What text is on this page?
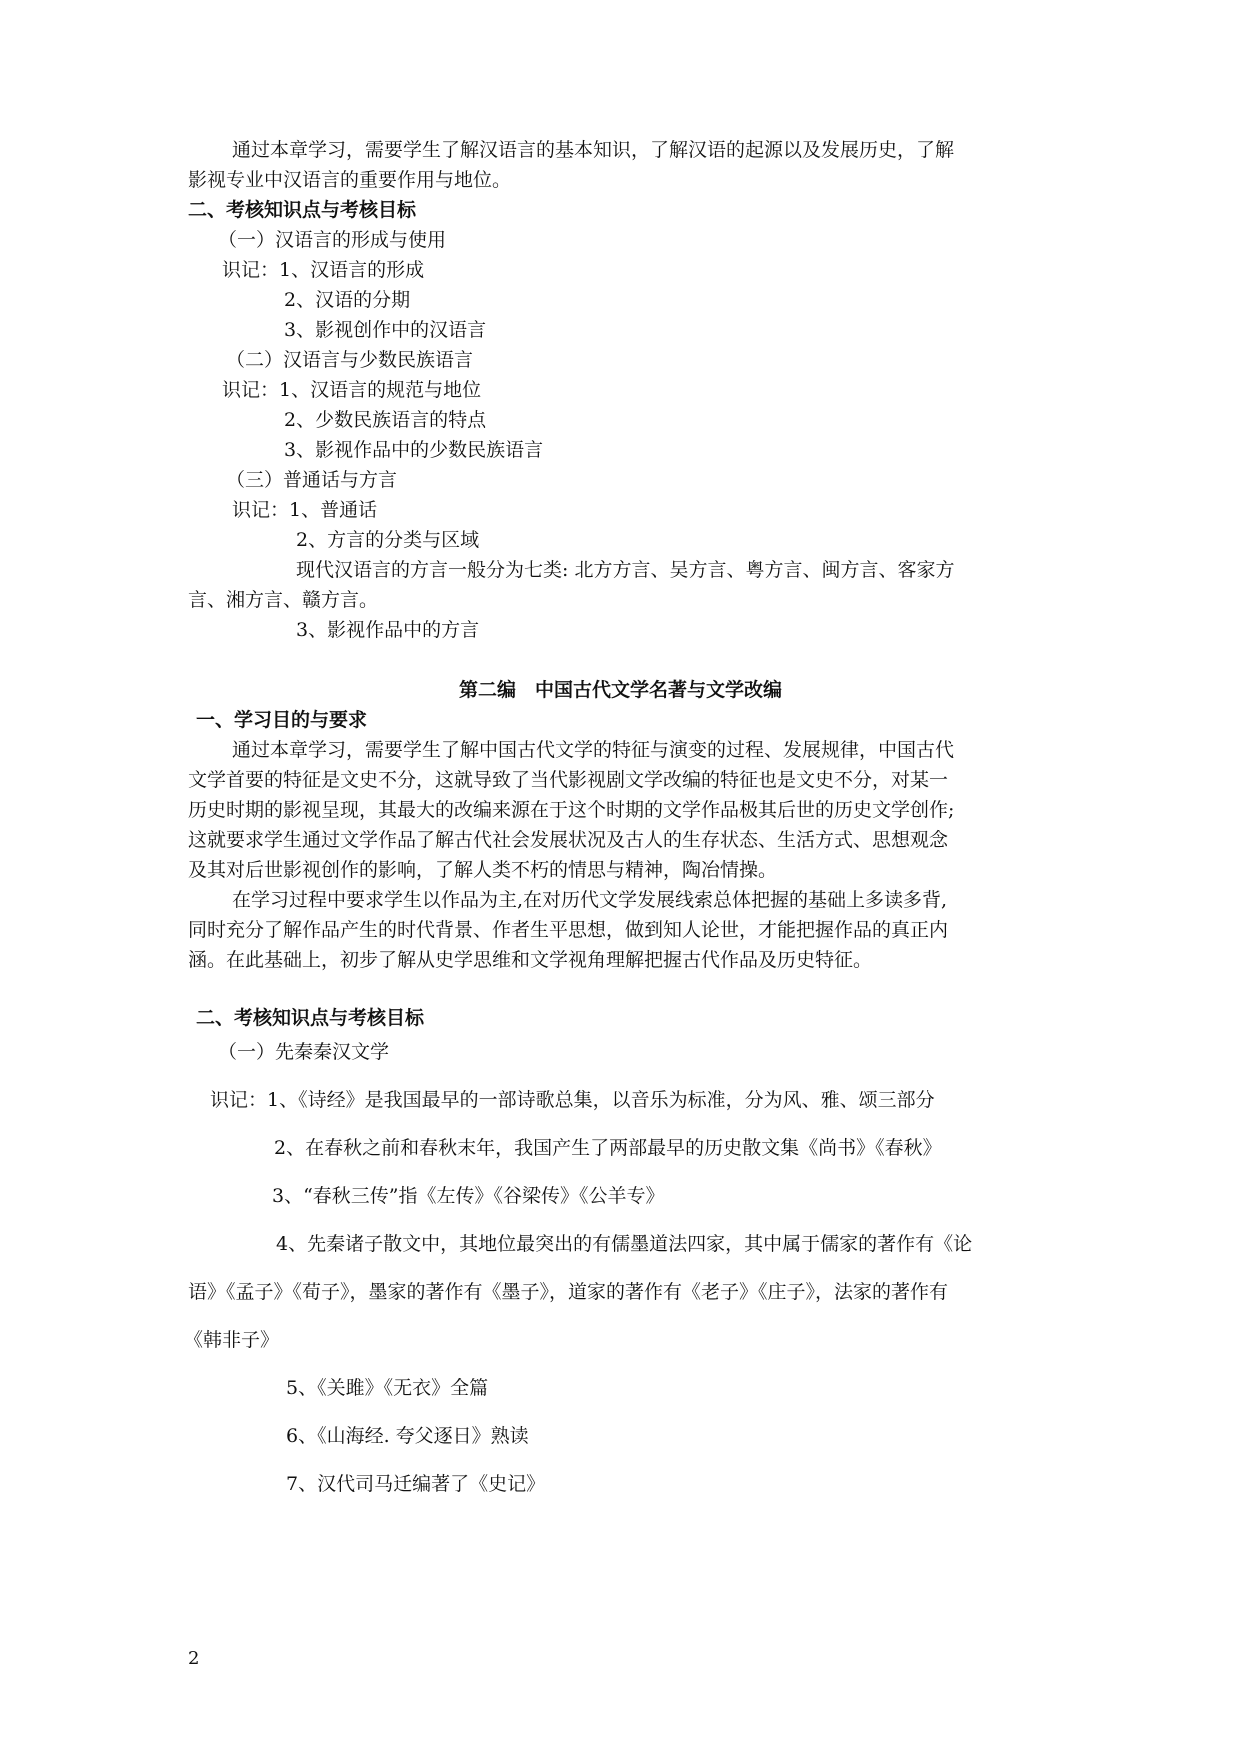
通过本章学习，需要学生了解汉语言的基本知识，了解汉语的起源以及发展历史，了解
影视专业中汉语言的重要作用与地位。
二、考核知识点与考核目标
（一）汉语言的形成与使用
识记：1、汉语言的形成
2、汉语的分期
3、影视创作中的汉语言
（二）汉语言与少数民族语言
识记：1、汉语言的规范与地位
2、少数民族语言的特点
3、影视作品中的少数民族语言
（三）普通话与方言
识记：1、普通话
2、方言的分类与区域
现代汉语言的方言一般分为七类: 北方方言、吴方言、粤方言、闽方言、客家方
言、湘方言、赣方言。
3、影视作品中的方言
第二编　中国古代文学名著与文学改编
一、学习目的与要求
通过本章学习，需要学生了解中国古代文学的特征与演变的过程、发展规律，中国古代
文学首要的特征是文史不分，这就导致了当代影视剧文学改编的特征也是文史不分，对某一
历史时期的影视呈现，其最大的改编来源在于这个时期的文学作品极其后世的历史文学创作;
这就要求学生通过文学作品了解古代社会发展状况及古人的生存状态、生活方式、思想观念
及其对后世影视创作的影响，了解人类不朽的情思与精神，陶冶情操。
在学习过程中要求学生以作品为主,在对历代文学发展线索总体把握的基础上多读多背,
同时充分了解作品产生的时代背景、作者生平思想，做到知人论世，才能把握作品的真正内
涵。在此基础上，初步了解从史学思维和文学视角理解把握古代作品及历史特征。
二、考核知识点与考核目标
（一）先秦秦汉文学
识记：1、《诗经》是我国最早的一部诗歌总集，以音乐为标准，分为风、雅、颂三部分
2、在春秋之前和春秋末年，我国产生了两部最早的历史散文集《尚书》《春秋》
3、“春秋三传”指《左传》《谷梁传》《公羊专》
4、先秦诸子散文中，其地位最突出的有儒墨道法四家，其中属于儒家的著作有《论
语》《孟子》《荀子》，墨家的著作有《墨子》，道家的著作有《老子》《庄子》，法家的著作有
《韩非子》
5、《关雎》《无衣》全篇
6、《山海经. 夸父逐日》熟读
7、汉代司马迁编著了《史记》
2
